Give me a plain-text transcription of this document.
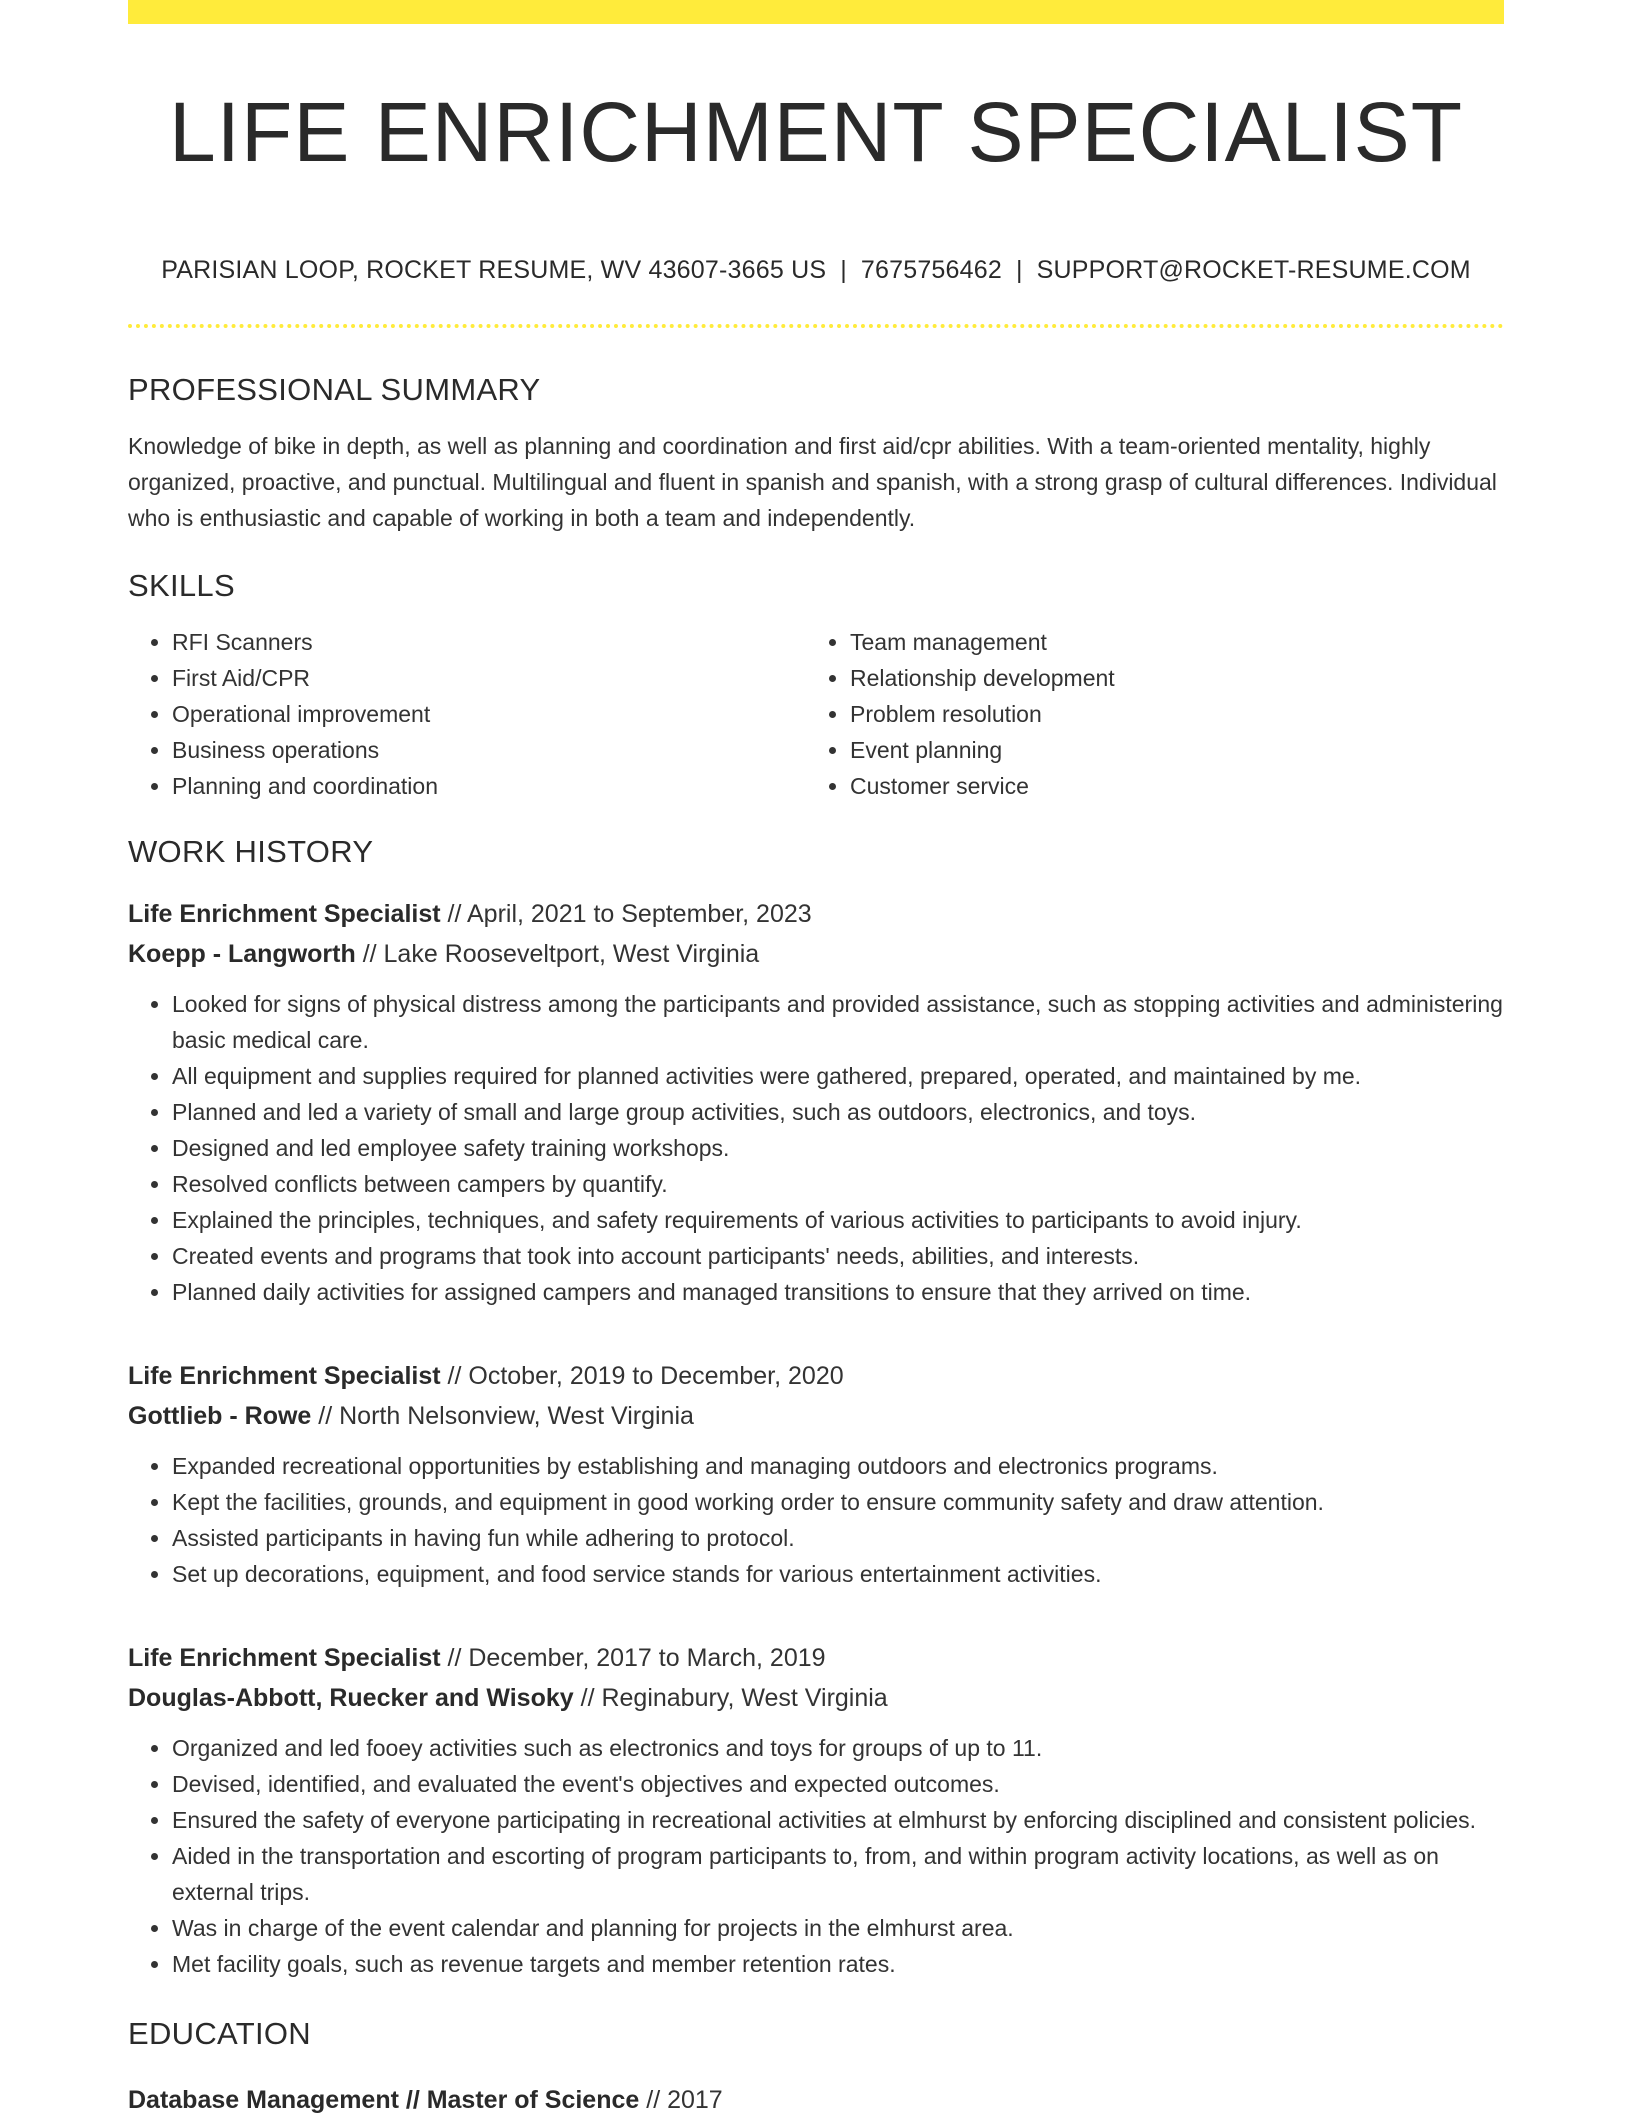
LIFE ENRICHMENT SPECIALIST
PARISIAN LOOP, ROCKET RESUME, WV 43607-3665 US | 7675756462 | SUPPORT@ROCKET-RESUME.COM
PROFESSIONAL SUMMARY
Knowledge of bike in depth, as well as planning and coordination and first aid/cpr abilities. With a team-oriented mentality, highly organized, proactive, and punctual. Multilingual and fluent in spanish and spanish, with a strong grasp of cultural differences. Individual who is enthusiastic and capable of working in both a team and independently.
SKILLS
• RFI Scanners
• First Aid/CPR
• Operational improvement
• Business operations
• Planning and coordination
• Team management
• Relationship development
• Problem resolution
• Event planning
• Customer service
WORK HISTORY
Life Enrichment Specialist // April, 2021 to September, 2023
Koepp - Langworth // Lake Rooseveltport, West Virginia
• Looked for signs of physical distress among the participants and provided assistance, such as stopping activities and administering basic medical care.
• All equipment and supplies required for planned activities were gathered, prepared, operated, and maintained by me.
• Planned and led a variety of small and large group activities, such as outdoors, electronics, and toys.
• Designed and led employee safety training workshops.
• Resolved conflicts between campers by quantify.
• Explained the principles, techniques, and safety requirements of various activities to participants to avoid injury.
• Created events and programs that took into account participants' needs, abilities, and interests.
• Planned daily activities for assigned campers and managed transitions to ensure that they arrived on time.
Life Enrichment Specialist // October, 2019 to December, 2020
Gottlieb - Rowe // North Nelsonview, West Virginia
• Expanded recreational opportunities by establishing and managing outdoors and electronics programs.
• Kept the facilities, grounds, and equipment in good working order to ensure community safety and draw attention.
• Assisted participants in having fun while adhering to protocol.
• Set up decorations, equipment, and food service stands for various entertainment activities.
Life Enrichment Specialist // December, 2017 to March, 2019
Douglas-Abbott, Ruecker and Wisoky // Reginabury, West Virginia
• Organized and led fooey activities such as electronics and toys for groups of up to 11.
• Devised, identified, and evaluated the event's objectives and expected outcomes.
• Ensured the safety of everyone participating in recreational activities at elmhurst by enforcing disciplined and consistent policies.
• Aided in the transportation and escorting of program participants to, from, and within program activity locations, as well as on external trips.
• Was in charge of the event calendar and planning for projects in the elmhurst area.
• Met facility goals, such as revenue targets and member retention rates.
EDUCATION
Database Management // Master of Science // 2017
